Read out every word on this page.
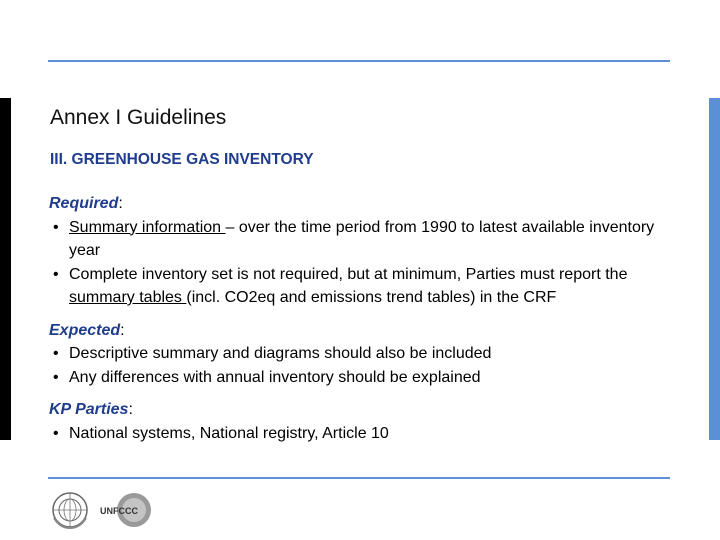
Annex I Guidelines
III. GREENHOUSE GAS INVENTORY
Required:
• Summary information – over the time period from 1990 to latest available inventory year
• Complete inventory set is not required, but at minimum, Parties must report the summary tables (incl. CO2eq and emissions trend tables) in the CRF
Expected:
• Descriptive summary and diagrams should also be included
• Any differences with annual inventory should be explained
KP Parties:
• National systems, National registry, Article 10
UNFCCC
